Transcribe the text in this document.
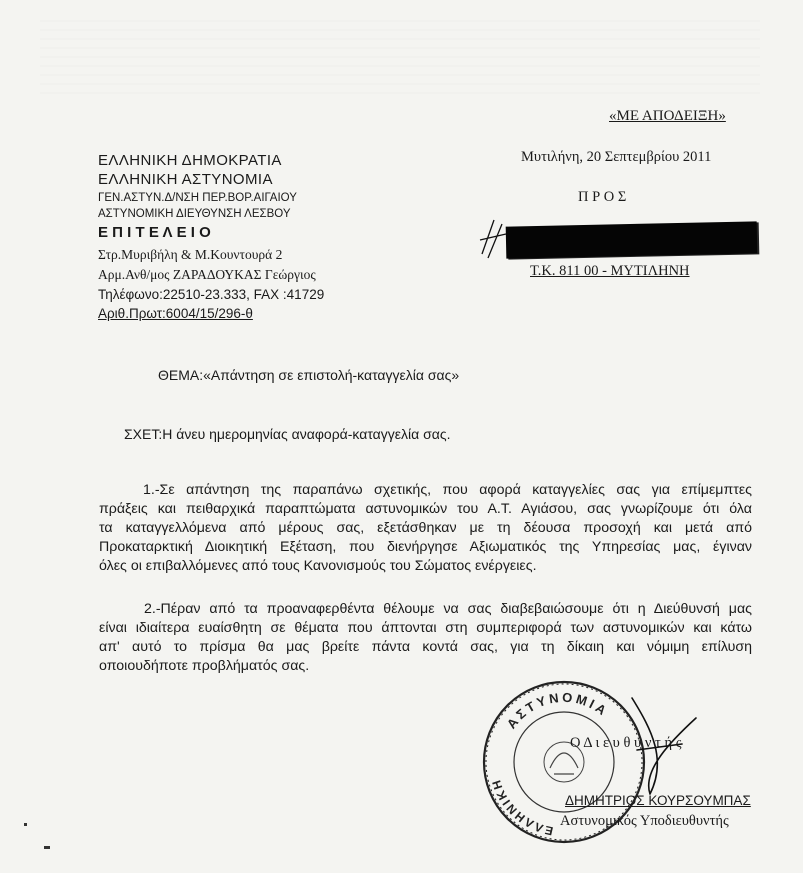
«ΜΕ ΑΠΟΔΕΙΞΗ»
ΕΛΛΗΝΙΚΗ ΔΗΜΟΚΡΑΤΙΑ
ΕΛΛΗΝΙΚΗ ΑΣΤΥΝΟΜΙΑ
ΓΕΝ.ΑΣΤΥΝ.Δ/ΝΣΗ ΠΕΡ.ΒΟΡ.ΑΙΓΑΙΟΥ
ΑΣΤΥΝΟΜΙΚΗ ΔΙΕΥΘΥΝΣΗ ΛΕΣΒΟΥ
Ε Π Ι Τ Ε Λ Ε Ι Ο
Στρ.Μυριβήλη & Μ.Κουντουρά 2
Αρμ.Ανθ/μος ΖΑΡΑΔΟΥΚΑΣ Γεώργιος
Τηλέφωνο:22510-23.333, FAX :41729
Αριθ.Πρωτ:6004/15/296-θ
Μυτιλήνη, 20 Σεπτεμβρίου 2011
Π Ρ Ο Σ
Τ.Κ. 811 00 - ΜΥΤΙΛΗΝΗ
ΘΕΜΑ:«Απάντηση σε επιστολή-καταγγελία σας»
ΣΧΕΤ:Η άνευ ημερομηνίας αναφορά-καταγγελία σας.
1.-Σε απάντηση της παραπάνω σχετικής, που αφορά καταγγελίες σας για επίμεμπτες
πράξεις και πειθαρχικά παραπτώματα αστυνομικών του Α.Τ. Αγιάσου, σας γνωρίζουμε ότι όλα
τα καταγγελλόμενα από μέρους σας, εξετάσθηκαν με τη δέουσα προσοχή και μετά από
Προκαταρκτική Διοικητική Εξέταση, που διενήργησε Αξιωματικός της Υπηρεσίας μας, έγιναν
όλες οι επιβαλλόμενες από τους Κανονισμούς του Σώματος ενέργειες.
2.-Πέραν από τα προαναφερθέντα θέλουμε να σας διαβεβαιώσουμε ότι η Διεύθυνσή μας
είναι ιδιαίτερα ευαίσθητη σε θέματα που άπτονται στη συμπεριφορά των αστυνομικών και κάτω
απ' αυτό το πρίσμα θα μας βρείτε πάντα κοντά σας, για τη δίκαιη και νόμιμη επίλυση
οποιουδήποτε προβλήματός σας.
ΑΣΤΥΝΟΜΙΑ
ΕΛΛΗΝΙΚΗ
Ο Δ ι ε υ θ υ ν τ ή ς
ΔΗΜΗΤΡΙΟΣ ΚΟΥΡΣΟΥΜΠΑΣ
Αστυνομικός Υποδιευθυντής
